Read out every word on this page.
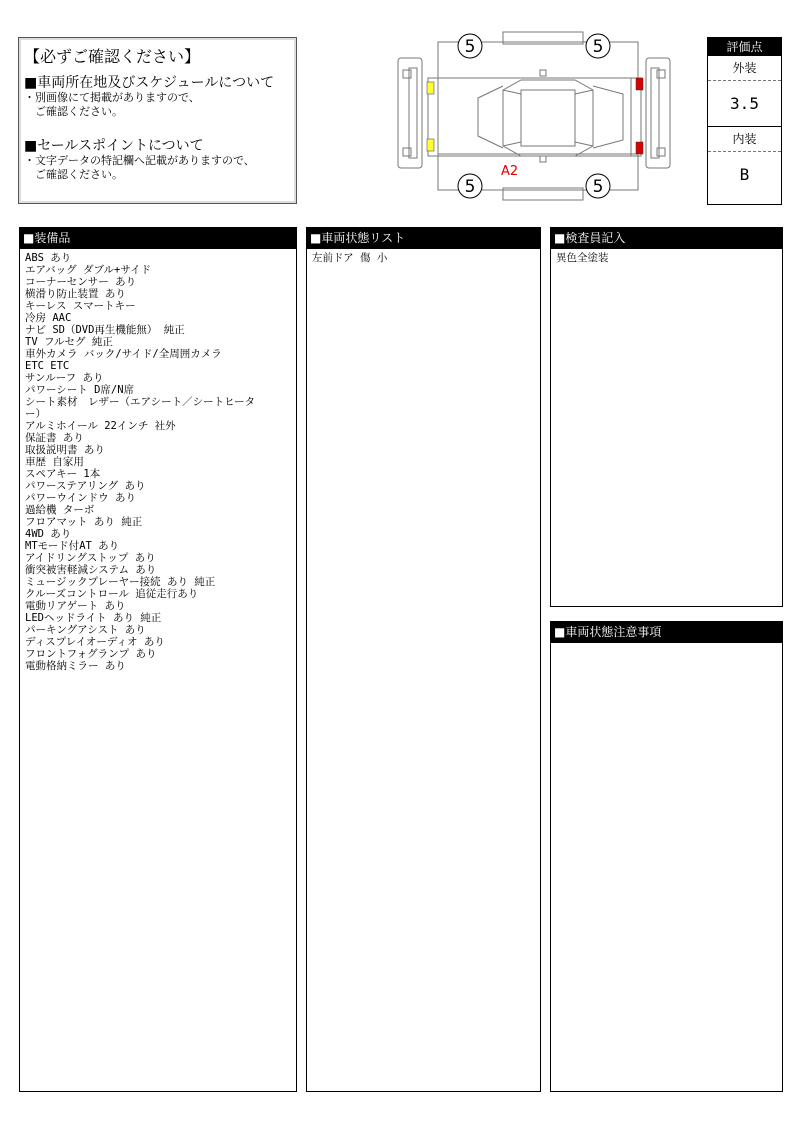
【必ずご確認ください】
■車両所在地及びスケジュールについて
・別画像にて掲載がありますので、
　ご確認ください。
■セールスポイントについて
・文字データの特記欄へ記載がありますので、
　ご確認ください。
5	5
5	5
A2
評価点
外装
3.5
内装
B
■装備品
ABS あり
エアバッグ ダブル+サイド
コーナーセンサー あり
横滑り防止装置 あり
キーレス スマートキー
冷房 AAC
ナビ SD（DVD再生機能無） 純正
TV フルセグ 純正
車外カメラ バック/サイド/全周囲カメラ
ETC ETC
サンルーフ あり
パワーシート D席/N席
シート素材　レザー（エアシート／シートヒータ
ー）
アルミホイール 22インチ 社外
保証書 あり
取扱説明書 あり
車歴 自家用
スペアキー 1本
パワーステアリング あり
パワーウインドウ あり
過給機 ターボ
フロアマット あり 純正
4WD あり
MTモード付AT あり
アイドリングストップ あり
衝突被害軽減システム あり
ミュージックプレーヤー接続 あり 純正
クルーズコントロール 追従走行あり
電動リアゲート あり
LEDヘッドライト あり 純正
パーキングアシスト あり
ディスプレイオーディオ あり
フロントフォグランプ あり
電動格納ミラー あり
■車両状態リスト
左前ドア 傷 小
■検査員記入
異色全塗装
■車両状態注意事項
